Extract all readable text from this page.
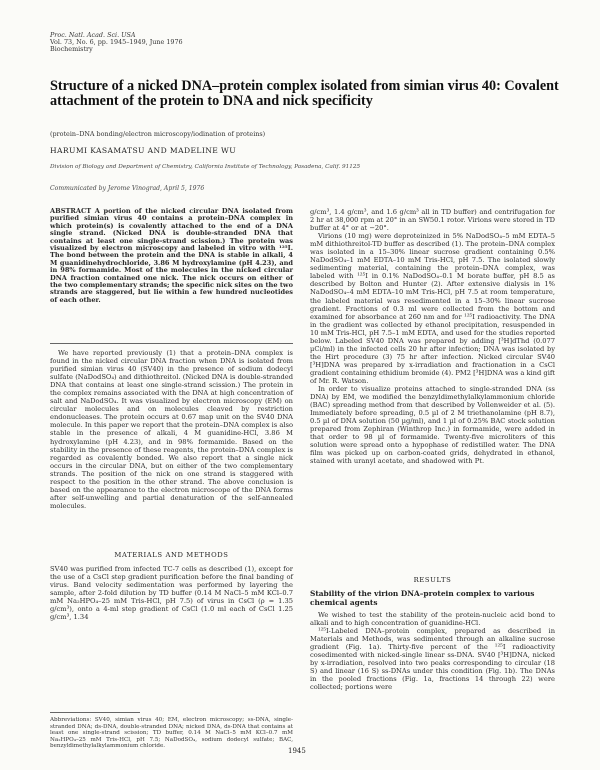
Proc. Natl. Acad. Sci. USA
Vol. 73, No. 6, pp. 1945–1949, June 1976
Biochemistry
Structure of a nicked DNA–protein complex isolated from simian virus 40: Covalent attachment of the protein to DNA and nick specificity
(protein–DNA bonding/electron microscopy/iodination of proteins)
HARUMI KASAMATSU AND MADELINE WU
Division of Biology and Department of Chemistry, California Institute of Technology, Pasadena, Calif. 91125
Communicated by Jerome Vinograd, April 5, 1976

ABSTRACT A portion of the nicked circular DNA isolated from purified simian virus 40 contains a protein–DNA complex in which protein(s) is covalently attached to the end of a DNA single strand. (Nicked DNA is double-stranded DNA that contains at least one single-strand scission.) The protein was visualized by electron microscopy and labeled in vitro with ¹²⁵I. The bond between the protein and the DNA is stable in alkali, 4 M guanidinehydrochloride, 3.86 M hydroxylamine (pH 4.23), and in 98% formamide. Most of the molecules in the nicked circular DNA fraction contained one nick. The nick occurs on either of the two complementary strands; the specific nick sites on the two strands are staggered, but lie within a few hundred nucleotides of each other.

We have reported previously (1) that a protein–DNA complex is found in the nicked circular DNA fraction when DNA is isolated from purified simian virus 40 (SV40) in the presence of sodium dodecyl sulfate (NaDodSO₄) and dithiothreitol. (Nicked DNA is double-stranded DNA that contains at least one single-strand scission.) The protein in the complex remains associated with the DNA at high concentration of salt and NaDodSO₄. It was visualized by electron microscopy (EM) on circular molecules and on molecules cleaved by restriction endonucleases. The protein occurs at 0.67 map unit on the SV40 DNA molecule. In this paper we report that the protein–DNA complex is also stable in the presence of alkali, 4 M guanidine-HCl, 3.86 M hydroxylamine (pH 4.23), and in 98% formamide. Based on the stability in the presence of these reagents, the protein–DNA complex is regarded as covalently bonded. We also report that a single nick occurs in the circular DNA, but on either of the two complementary strands. The position of the nick on one strand is staggered with respect to the position in the other strand. The above conclusion is based on the appearance to the electron microscope of the DNA forms after self-unwelling and partial denaturation of the self-annealed molecules.

MATERIALS AND METHODS

SV40 was purified from infected TC-7 cells as described (1), except for the use of a CsCl step gradient purification before the final banding of virus. Band velocity sedimentation was performed by layering the sample, after 2-fold dilution by TD buffer (0.14 M NaCl–5 mM KCl–0.7 mM Na₂HPO₄–25 mM Tris-HCl, pH 7.5) of virus in CsCl (ρ = 1.35 g/cm³), onto a 4-ml step gradient of CsCl (1.0 ml each of CsCl 1.25 g/cm³, 1.34

Abbreviations: SV40, simian virus 40; EM, electron microscopy; ss-DNA, single-stranded DNA; ds-DNA, double-stranded DNA; nicked DNA, ds-DNA that contains at least one single-strand scission; TD buffer, 0.14 M NaCl–5 mM KCl–0.7 mM Na₂HPO₄–25 mM Tris-HCl, pH 7.5; NaDodSO₄, sodium dodecyl sulfate; BAC, benzyldimethylalkylammonium chloride.

g/cm³, 1.4 g/cm³, and 1.6 g/cm³ all in TD buffer) and centrifugation for 2 hr at 38,000 rpm at 20° in an SW50.1 rotor. Virions were stored in TD buffer at 4° or at −20°.

Virions (10 mg) were deproteinized in 5% NaDodSO₄–5 mM EDTA–5 mM dithiothreitol-TD buffer as described (1). The protein–DNA complex was isolated in a 15–30% linear sucrose gradient containing 0.5% NaDodSO₄–1 mM EDTA–10 mM Tris-HCl, pH 7.5. The isolated slowly sedimenting material, containing the protein–DNA complex, was labeled with ¹²⁵I in 0.1% NaDodSO₄–0.1 M borate buffer, pH 8.5 as described by Bolton and Hunter (2). After extensive dialysis in 1% NaDodSO₄–4 mM EDTA–10 mM Tris-HCl, pH 7.5 at room temperature, the labeled material was resedimented in a 15–30% linear sucrose gradient. Fractions of 0.3 ml were collected from the bottom and examined for absorbance at 260 nm and for ¹²⁵I radioactivity. The DNA in the gradient was collected by ethanol precipitation, resuspended in 10 mM Tris-HCl, pH 7.5–1 mM EDTA, and used for the studies reported below. Labeled SV40 DNA was prepared by adding [³H]dThd (0.077 µCi/ml) in the infected cells 20 hr after infection; DNA was isolated by the Hirt procedure (3) 75 hr after infection. Nicked circular SV40 [³H]DNA was prepared by x-irradiation and fractionation in a CsCl gradient containing ethidium bromide (4). PM2 [³H]DNA was a kind gift of Mr. R. Watson.

In order to visualize proteins attached to single-stranded DNA (ss DNA) by EM, we modified the benzyldimethylalkylammonium chloride (BAC) spreading method from that described by Vollenweider et al. (5). Immediately before spreading, 0.5 µl of 2 M triethanolamine (pH 8.7), 0.5 µl of DNA solution (50 µg/ml), and 1 µl of 0.25% BAC stock solution prepared from Zephiran (Winthrop Inc.) in formamide, were added in that order to 98 µl of formamide. Twenty-five microliters of this solution were spread onto a hypophase of redistilled water. The DNA film was picked up on carbon-coated grids, dehydrated in ethanol, stained with uranyl acetate, and shadowed with Pt.

RESULTS
Stability of the virion DNA–protein complex to various chemical agents

We wished to test the stability of the protein-nucleic acid bond to alkali and to high concentration of guanidine-HCl.

¹²⁵I-Labeled DNA–protein complex, prepared as described in Materials and Methods, was sedimented through an alkaline sucrose gradient (Fig. 1a). Thirty-five percent of the ¹²⁵I radioactivity cosedimented with nicked-single linear ss-DNA. SV40 [³H]DNA, nicked by x-irradiation, resolved into two peaks corresponding to circular (18 S) and linear (16 S) ss-DNAs under this condition (Fig. 1b). The DNAs in the pooled fractions (Fig. 1a, fractions 14 through 22) were collected; portions were

1945
